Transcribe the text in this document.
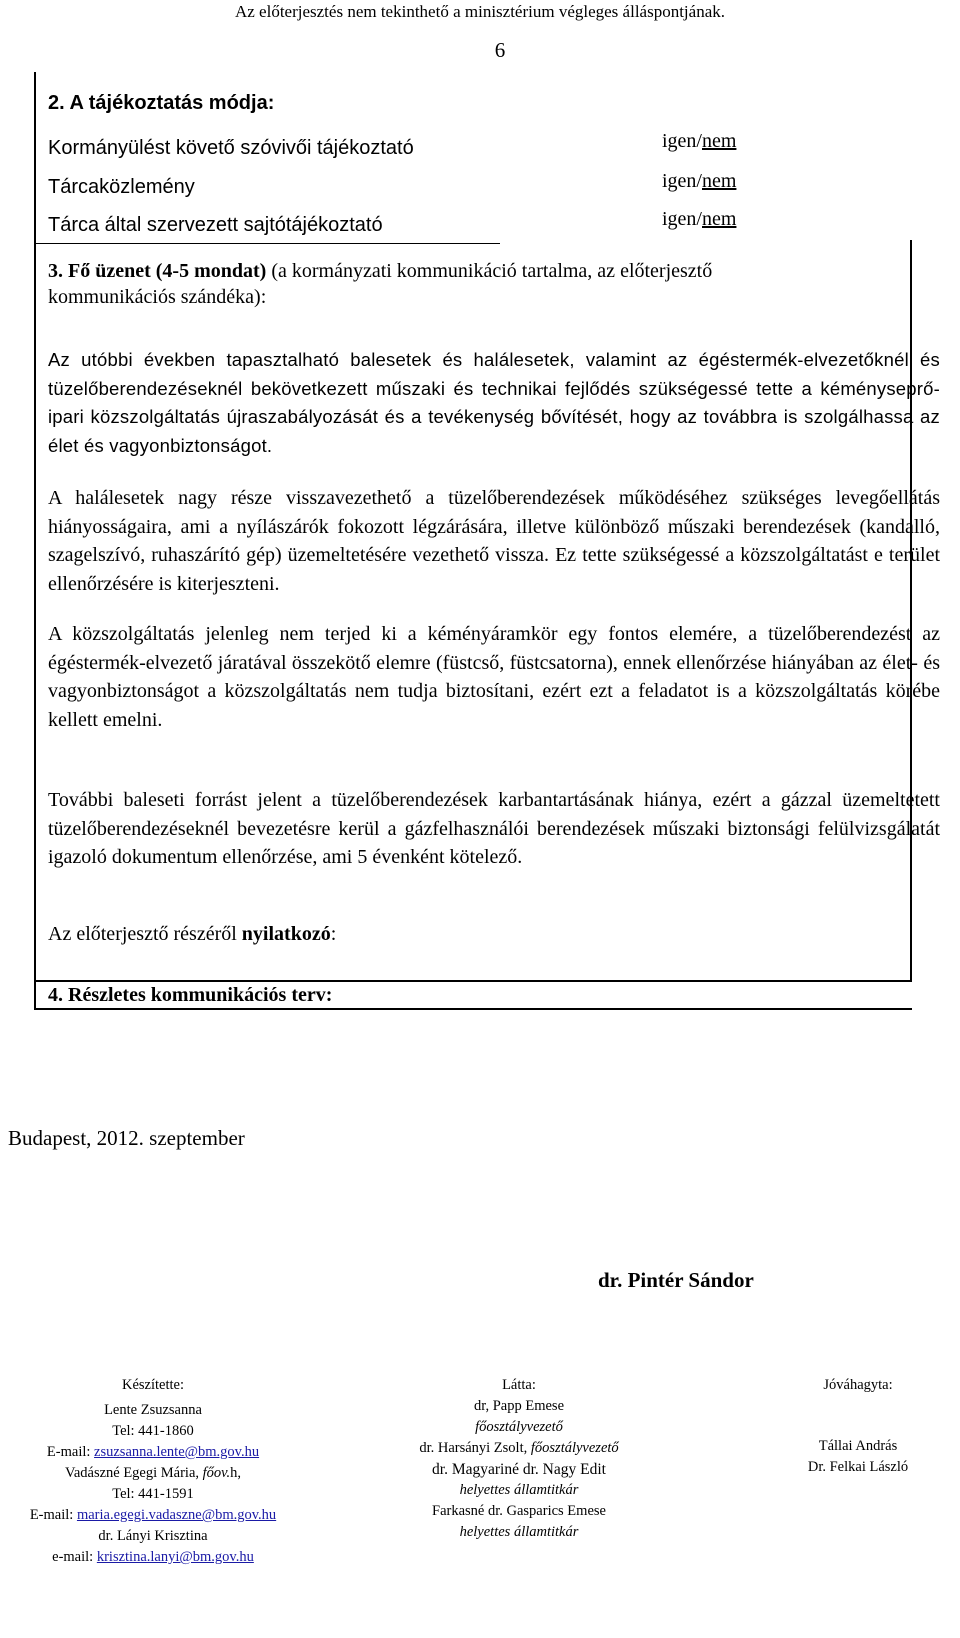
Az előterjesztés nem tekinthető a minisztérium végleges álláspontjának.
6
2. A tájékoztatás módja:
Kormányülést követő szóvivői tájékoztató	igen/nem
Tárcaközlemény	igen/nem
Tárca által szervezett sajtótájékoztató	igen/nem
3. Fő üzenet (4-5 mondat) (a kormányzati kommunikáció tartalma, az előterjesztő
kommunikációs szándéka):
Az utóbbi években tapasztalható balesetek és halálesetek, valamint az égéstermék-elvezetőknél és tüzelőberendezéseknél bekövetkezett műszaki és technikai fejlődés szükségessé tette a kéményseprő-ipari közszolgáltatás újraszabályozását és a tevékenység bővítését, hogy az továbbra is szolgálhassa az élet és vagyonbiztonságot.
A halálesetek nagy része visszavezethető a tüzelőberendezések működéséhez szükséges levegőellátás hiányosságaira, ami a nyílászárók fokozott légzárására, illetve különböző műszaki berendezések (kandalló, szagelszívó, ruhaszárító gép) üzemeltetésére vezethető vissza. Ez tette szükségessé a közszolgáltatást e terület ellenőrzésére is kiterjeszteni.
A közszolgáltatás jelenleg nem terjed ki a kéményáramkör egy fontos elemére, a tüzelőberendezést az égéstermék-elvezető járatával összekötő elemre (füstcső, füstcsatorna), ennek ellenőrzése hiányában az élet- és vagyonbiztonságot a közszolgáltatás nem tudja biztosítani, ezért ezt a feladatot is a közszolgáltatás körébe kellett emelni.
További baleseti forrást jelent a tüzelőberendezések karbantartásának hiánya, ezért a gázzal üzemeltetett tüzelőberendezéseknél bevezetésre kerül a gázfelhasználói berendezések műszaki biztonsági felülvizsgálatát igazoló dokumentum ellenőrzése, ami 5 évenként kötelező.
Az előterjesztő részéről nyilatkozó:
4. Részletes kommunikációs terv:
Budapest, 2012. szeptember
dr. Pintér Sándor
Készítette:
Lente Zsuzsanna
Tel: 441-1860
E-mail: zsuzsanna.lente@bm.gov.hu
Vadászné Egegi Mária, főov.h,
Tel: 441-1591
E-mail: maria.egegi.vadaszne@bm.gov.hu
dr. Lányi Krisztina
e-mail: krisztina.lanyi@bm.gov.hu
Látta:
dr, Papp Emese
főosztályvezető
dr. Harsányi Zsolt, főosztályvezető
dr. Magyariné dr. Nagy Edit
helyettes államtitkár
Farkasné dr. Gasparics Emese
helyettes államtitkár
Jóváhagyta:
Tállai András
Dr. Felkai László
